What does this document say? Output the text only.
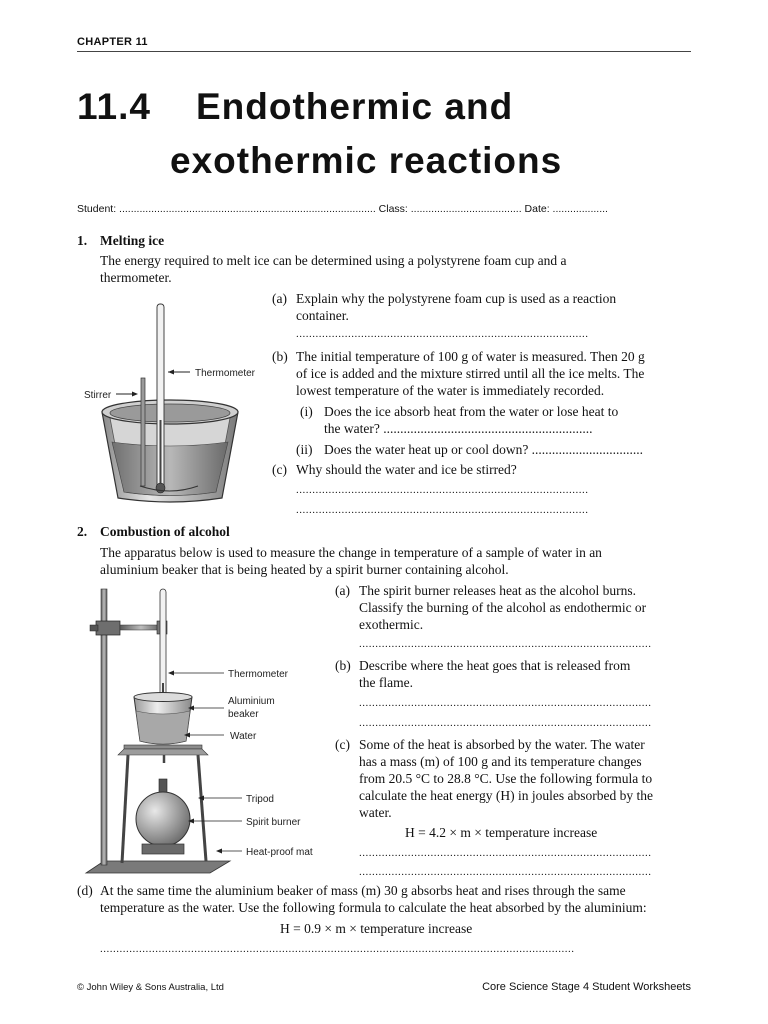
CHAPTER 11
11.4 Endothermic and
exothermic reactions
Student: ........................................................................................ Class: ...................................... Date: ...................
1. Melting ice
The energy required to melt ice can be determined using a polystyrene foam cup and a
thermometer.
(a) Explain why the polystyrene foam cup is used as a reaction
container.
..........................................................................................
(b) The initial temperature of 100 g of water is measured. Then 20 g
of ice is added and the mixture stirred until all the ice melts. The
lowest temperature of the water is immediately recorded.
(i) Does the ice absorb heat from the water or lose heat to
the water? ..............................................................
(ii) Does the water heat up or cool down? .................................
(c) Why should the water and ice be stirred?
..........................................................................................
..........................................................................................
Thermometer
Stirrer
2. Combustion of alcohol
The apparatus below is used to measure the change in temperature of a sample of water in an
aluminium beaker that is being heated by a spirit burner containing alcohol.
(a) The spirit burner releases heat as the alcohol burns.
Classify the burning of the alcohol as endothermic or
exothermic.
..........................................................................................
(b) Describe where the heat goes that is released from
the flame.
..........................................................................................
..........................................................................................
(c) Some of the heat is absorbed by the water. The water
has a mass (m) of 100 g and its temperature changes
from 20.5 °C to 28.8 °C. Use the following formula to
calculate the heat energy (H) in joules absorbed by the
water.
H = 4.2 × m × temperature increase
..........................................................................................
..........................................................................................
(d) At the same time the aluminium beaker of mass (m) 30 g absorbs heat and rises through the same
temperature as the water. Use the following formula to calculate the heat absorbed by the aluminium:
H = 0.9 × m × temperature increase
..................................................................................................................................................
Thermometer
Aluminium
beaker
Water
Tripod
Spirit burner
Heat-proof mat
© John Wiley & Sons Australia, Ltd	Core Science Stage 4 Student Worksheets
